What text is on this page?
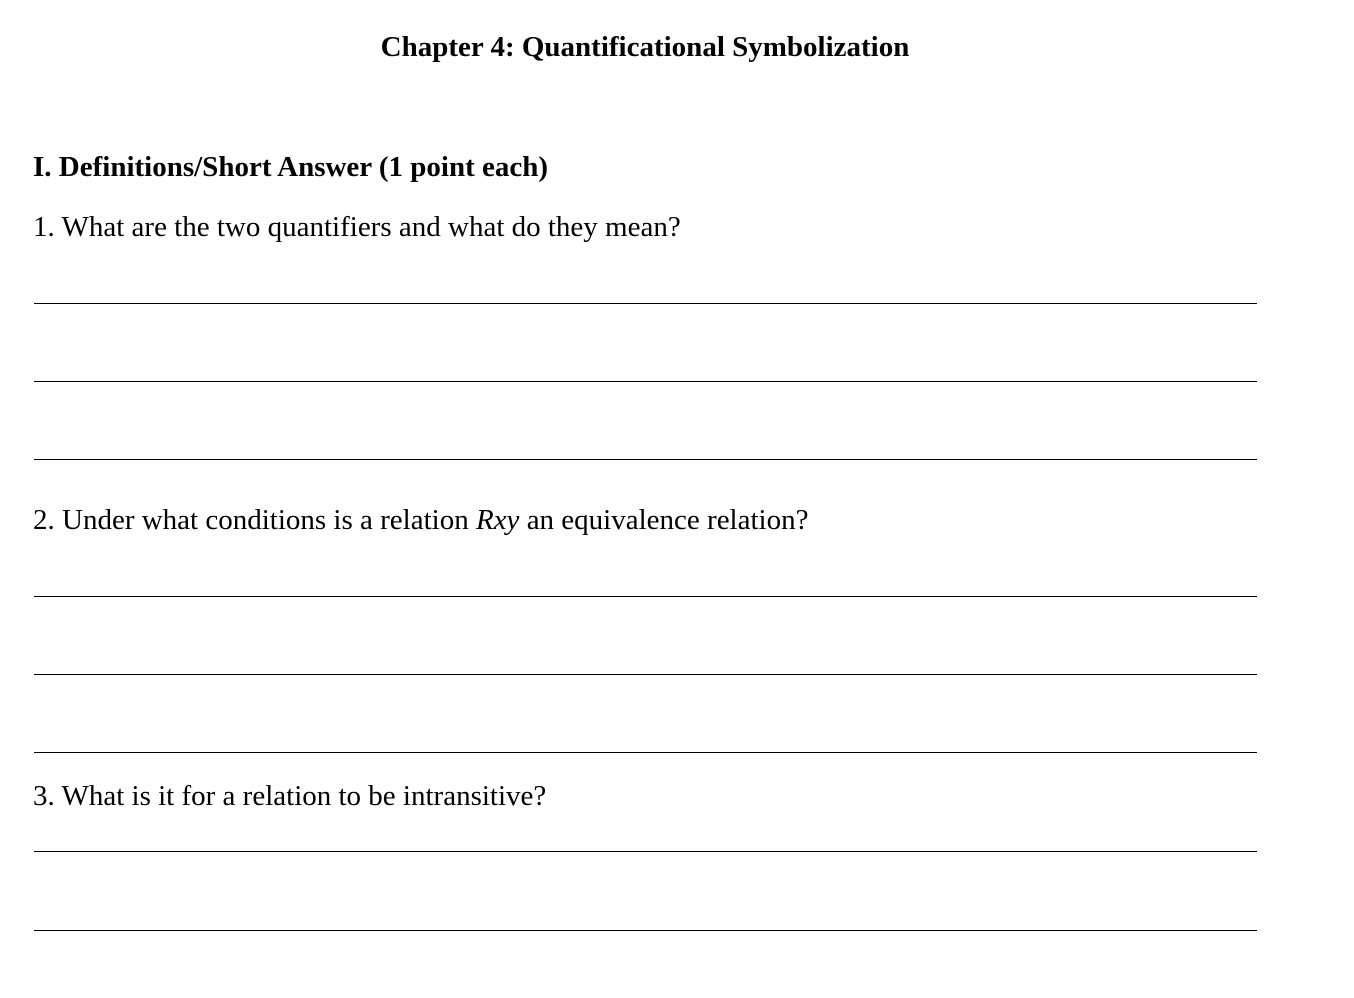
Chapter 4: Quantificational Symbolization
I. Definitions/Short Answer (1 point each)
1. What are the two quantifiers and what do they mean?
2. Under what conditions is a relation Rxy an equivalence relation?
3. What is it for a relation to be intransitive?
